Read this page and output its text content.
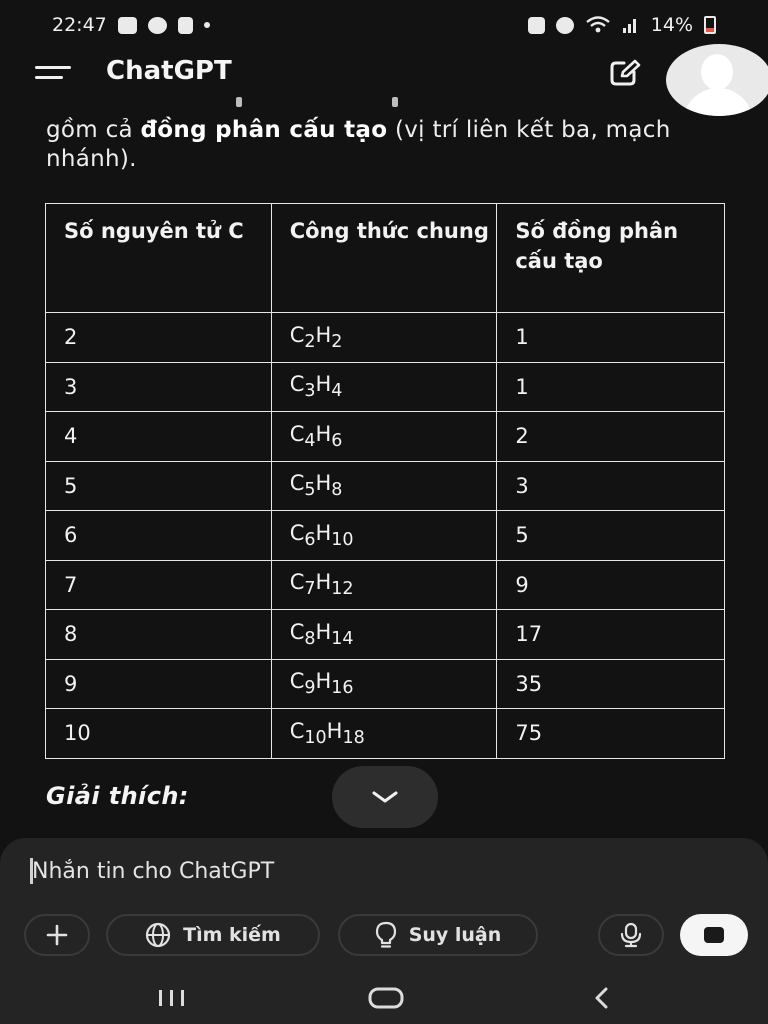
22:47	14%
ChatGPT

gồm cả đồng phân cấu tạo (vị trí liên kết ba, mạch nhánh).

Số nguyên tử C	Công thức chung	Số đồng phân cấu tạo
2	$C_2H_2$	1
3	$C_3H_4$	1
4	$C_4H_6$	2
5	$C_5H_8$	3
6	$C_6H_{10}$	5
7	$C_7H_{12}$	9
8	$C_8H_{14}$	17
9	$C_9H_{16}$	35
10	$C_{10}H_{18}$	75
Giải thích:
Nhắn tin cho ChatGPT
Tìm kiếm	Suy luận
